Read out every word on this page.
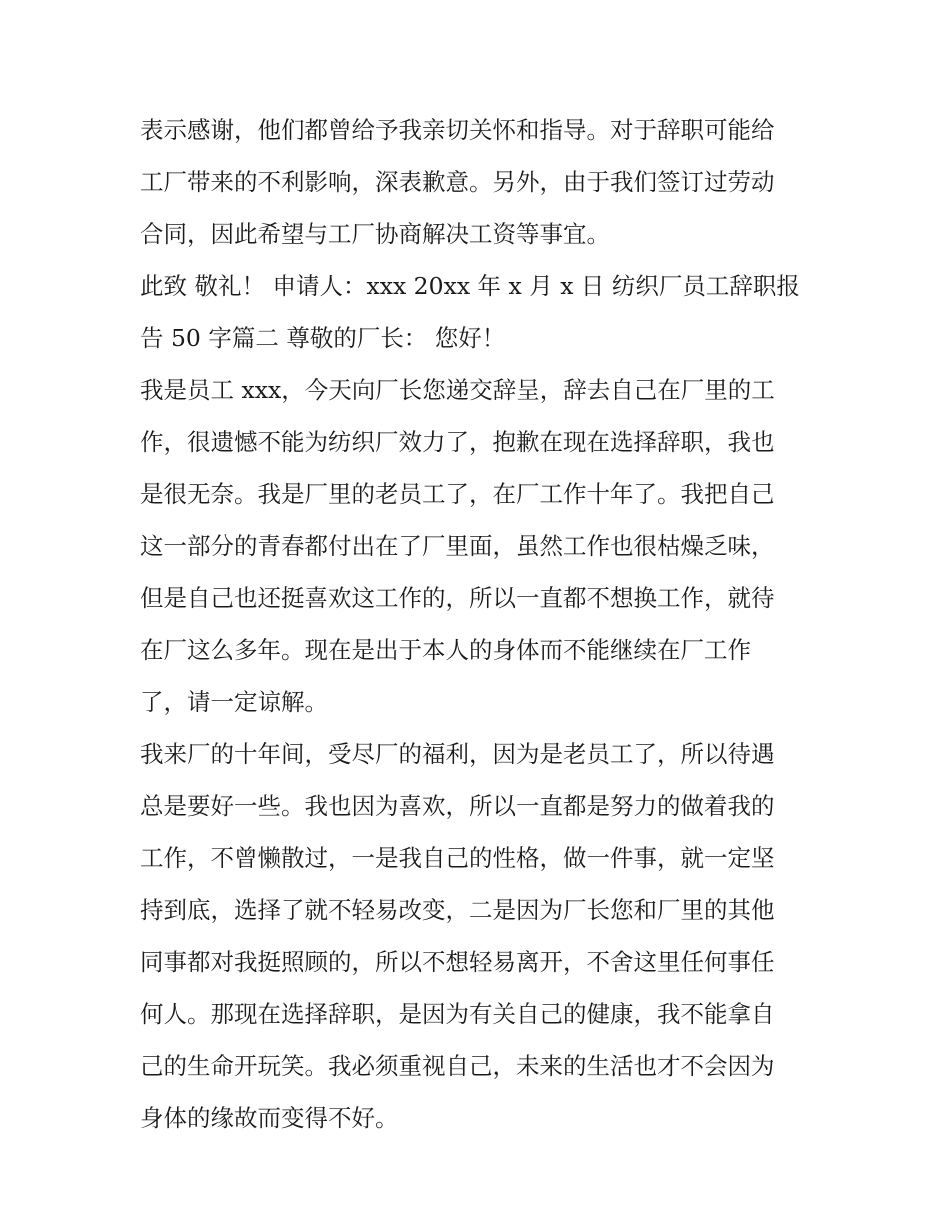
表示感谢，他们都曾给予我亲切关怀和指导。对于辞职可能给
工厂带来的不利影响，深表歉意。另外，由于我们签订过劳动
合同，因此希望与工厂协商解决工资等事宜。
此致 敬礼！ 申请人：xxx 20xx 年 x 月 x 日 纺织厂员工辞职报
告 50 字篇二 尊敬的厂长： 您好！
我是员工 xxx，今天向厂长您递交辞呈，辞去自己在厂里的工
作，很遗憾不能为纺织厂效力了，抱歉在现在选择辞职，我也
是很无奈。我是厂里的老员工了，在厂工作十年了。我把自己
这一部分的青春都付出在了厂里面，虽然工作也很枯燥乏味，
但是自己也还挺喜欢这工作的，所以一直都不想换工作，就待
在厂这么多年。现在是出于本人的身体而不能继续在厂工作
了，请一定谅解。
我来厂的十年间，受尽厂的福利，因为是老员工了，所以待遇
总是要好一些。我也因为喜欢，所以一直都是努力的做着我的
工作，不曾懒散过，一是我自己的性格，做一件事，就一定坚
持到底，选择了就不轻易改变，二是因为厂长您和厂里的其他
同事都对我挺照顾的，所以不想轻易离开，不舍这里任何事任
何人。那现在选择辞职，是因为有关自己的健康，我不能拿自
己的生命开玩笑。我必须重视自己，未来的生活也才不会因为
身体的缘故而变得不好。
